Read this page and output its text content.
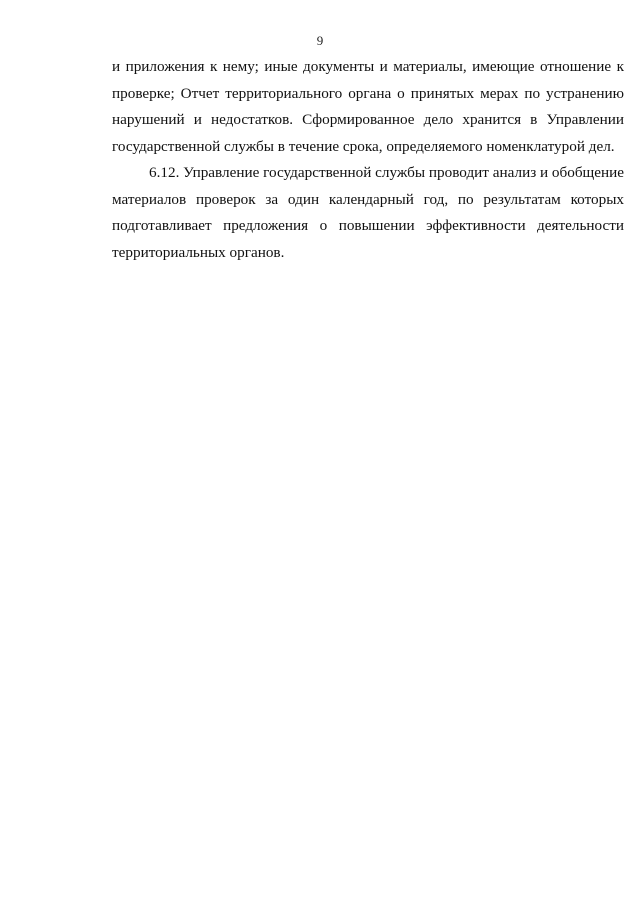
9

и приложения к нему; иные документы и материалы, имеющие отношение к проверке; Отчет территориального органа о принятых мерах по устранению нарушений и недостатков. Сформированное дело хранится в Управлении государственной службы в течение срока, определяемого номенклатурой дел.

6.12. Управление государственной службы проводит анализ и обобщение материалов проверок за один календарный год, по результатам которых подготавливает предложения о повышении эффективности деятельности территориальных органов.
